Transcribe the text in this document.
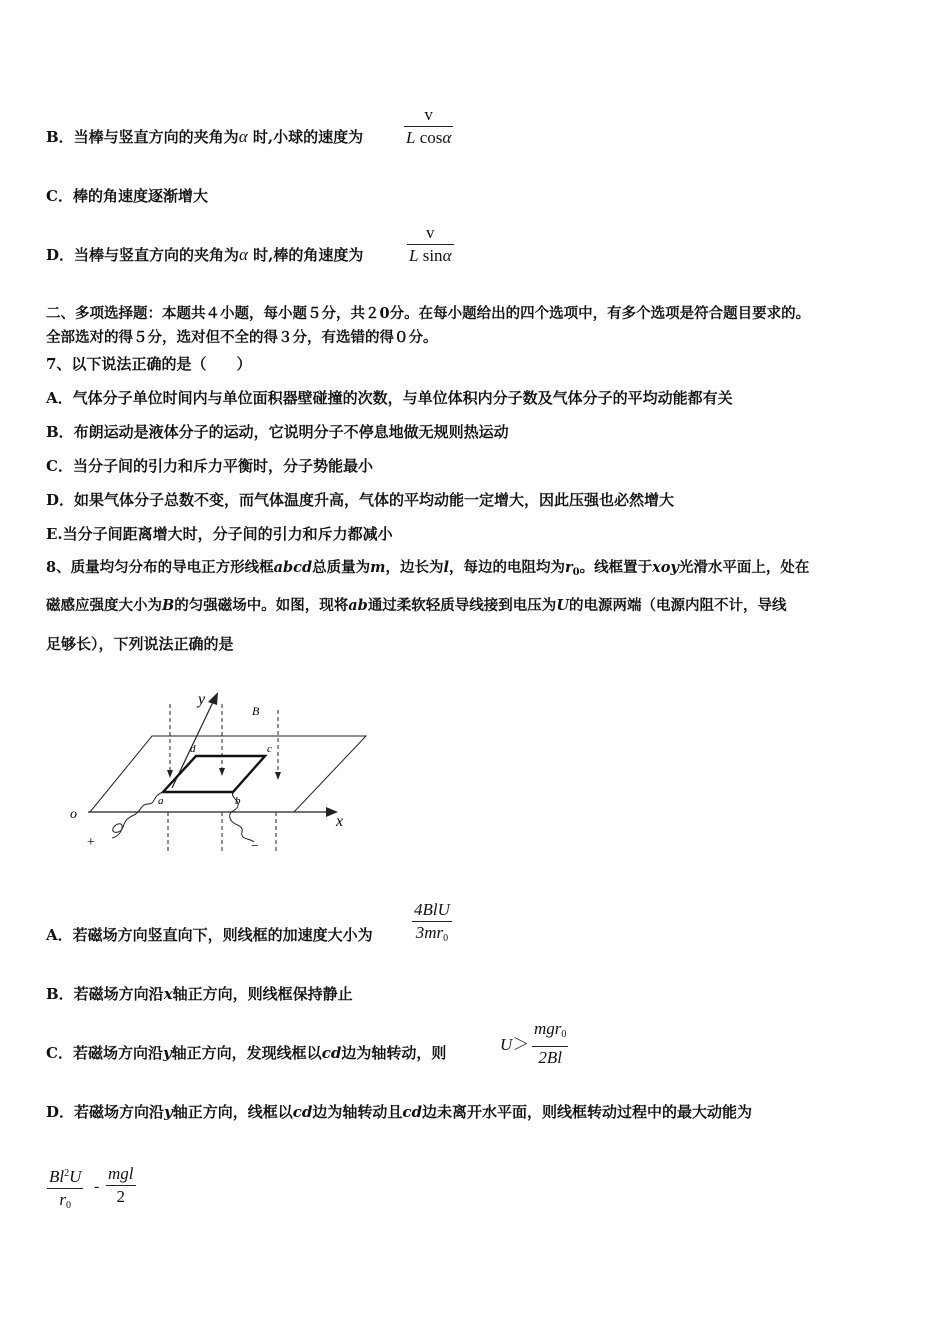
B．当棒与竖直方向的夹角为α 时,小球的速度为 $\frac{v}{\text{L cosα}}$
C．棒的角速度逐渐增大
D．当棒与竖直方向的夹角为α 时,棒的角速度为	$\frac{v}{\text{L sinα}}$
二、多项选择题：本题共４小题，每小题５分，共２0分。在每小题给出的四个选项中，有多个选项是符合题目要求的。
全部选对的得５分，选对但不全的得３分，有选错的得０分。
7、以下说法正确的是（　　）
A．气体分子单位时间内与单位面积器壁碰撞的次数，与单位体积内分子数及气体分子的平均动能都有关
B．布朗运动是液体分子的运动，它说明分子不停息地做无规则热运动
C．当分子间的引力和斥力平衡时，分子势能最小
D．如果气体分子总数不变，而气体温度升高，气体的平均动能一定增大，因此压强也必然增大
E.当分子间距离增大时，分子间的引力和斥力都减小
8、质量均匀分布的导电正方形线框abcd总质量为m，边长为l，每边的电阻均为$r_0$。线框置于xoy光滑水平面上，处在
磁感应强度大小为B的匀强磁场中。如图，现将ab通过柔软轻质导线接到电压为U的电源两端（电源内阻不计，导线
足够长），下列说法正确的是
y
B
d	c
a	b
o	x
+	−
A．若磁场方向竖直向下，则线框的加速度大小为
4BlU
$3mr_0$
B．若磁场方向沿x轴正方向，则线框保持静止
C．若磁场方向沿y轴正方向，发现线框以cd边为轴转动，则	U＞
mgr$_0$
2Bl
D．若磁场方向沿y轴正方向，线框以cd边为轴转动且cd边未离开水平面，则线框转动过程中的最大动能为
$\frac{Bl^2U}{r_0}$ -
mgl
2
